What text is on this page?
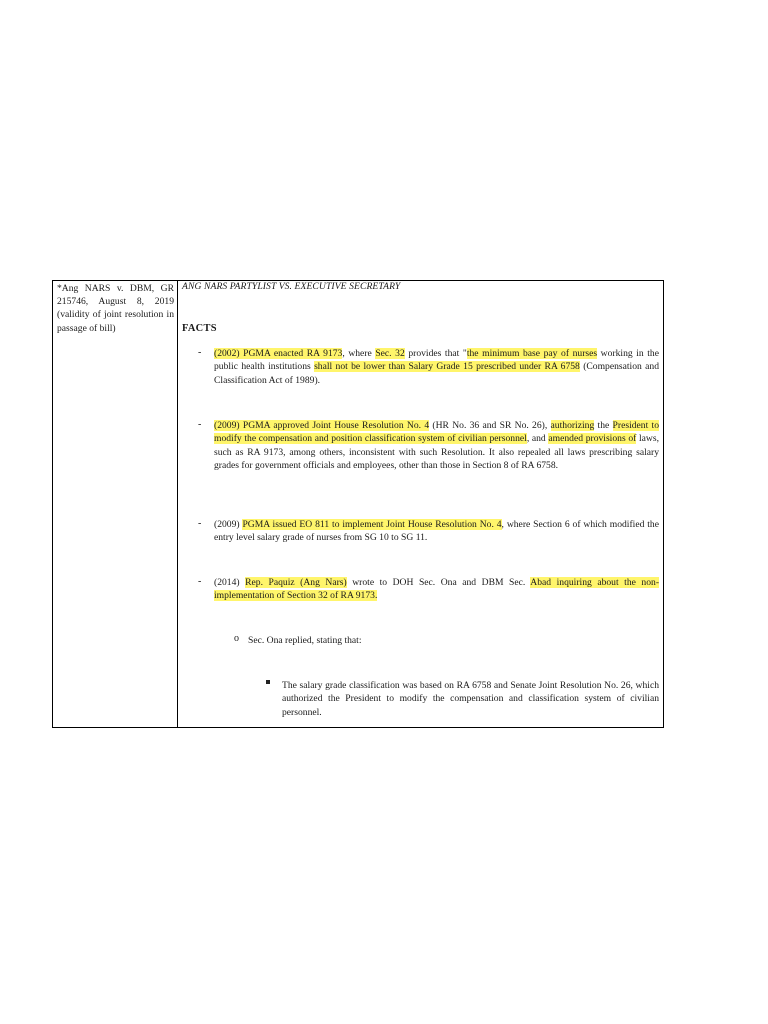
*Ang NARS v. DBM, GR 215746, August 8, 2019 (validity of joint resolution in passage of bill)
ANG NARS PARTYLIST VS. EXECUTIVE SECRETARY
FACTS
- (2002) PGMA enacted RA 9173, where Sec. 32 provides that "the minimum base pay of nurses working in the public health institutions shall not be lower than Salary Grade 15 prescribed under RA 6758 (Compensation and Classification Act of 1989).
- (2009) PGMA approved Joint House Resolution No. 4 (HR No. 36 and SR No. 26), authorizing the President to modify the compensation and position classification system of civilian personnel, and amended provisions of laws, such as RA 9173, among others, inconsistent with such Resolution. It also repealed all laws prescribing salary grades for government officials and employees, other than those in Section 8 of RA 6758.
- (2009) PGMA issued EO 811 to implement Joint House Resolution No. 4, where Section 6 of which modified the entry level salary grade of nurses from SG 10 to SG 11.
- (2014) Rep. Paquiz (Ang Nars) wrote to DOH Sec. Ona and DBM Sec. Abad inquiring about the non-implementation of Section 32 of RA 9173.
o Sec. Ona replied, stating that:
The salary grade classification was based on RA 6758 and Senate Joint Resolution No. 26, which authorized the President to modify the compensation and classification system of civilian personnel.
